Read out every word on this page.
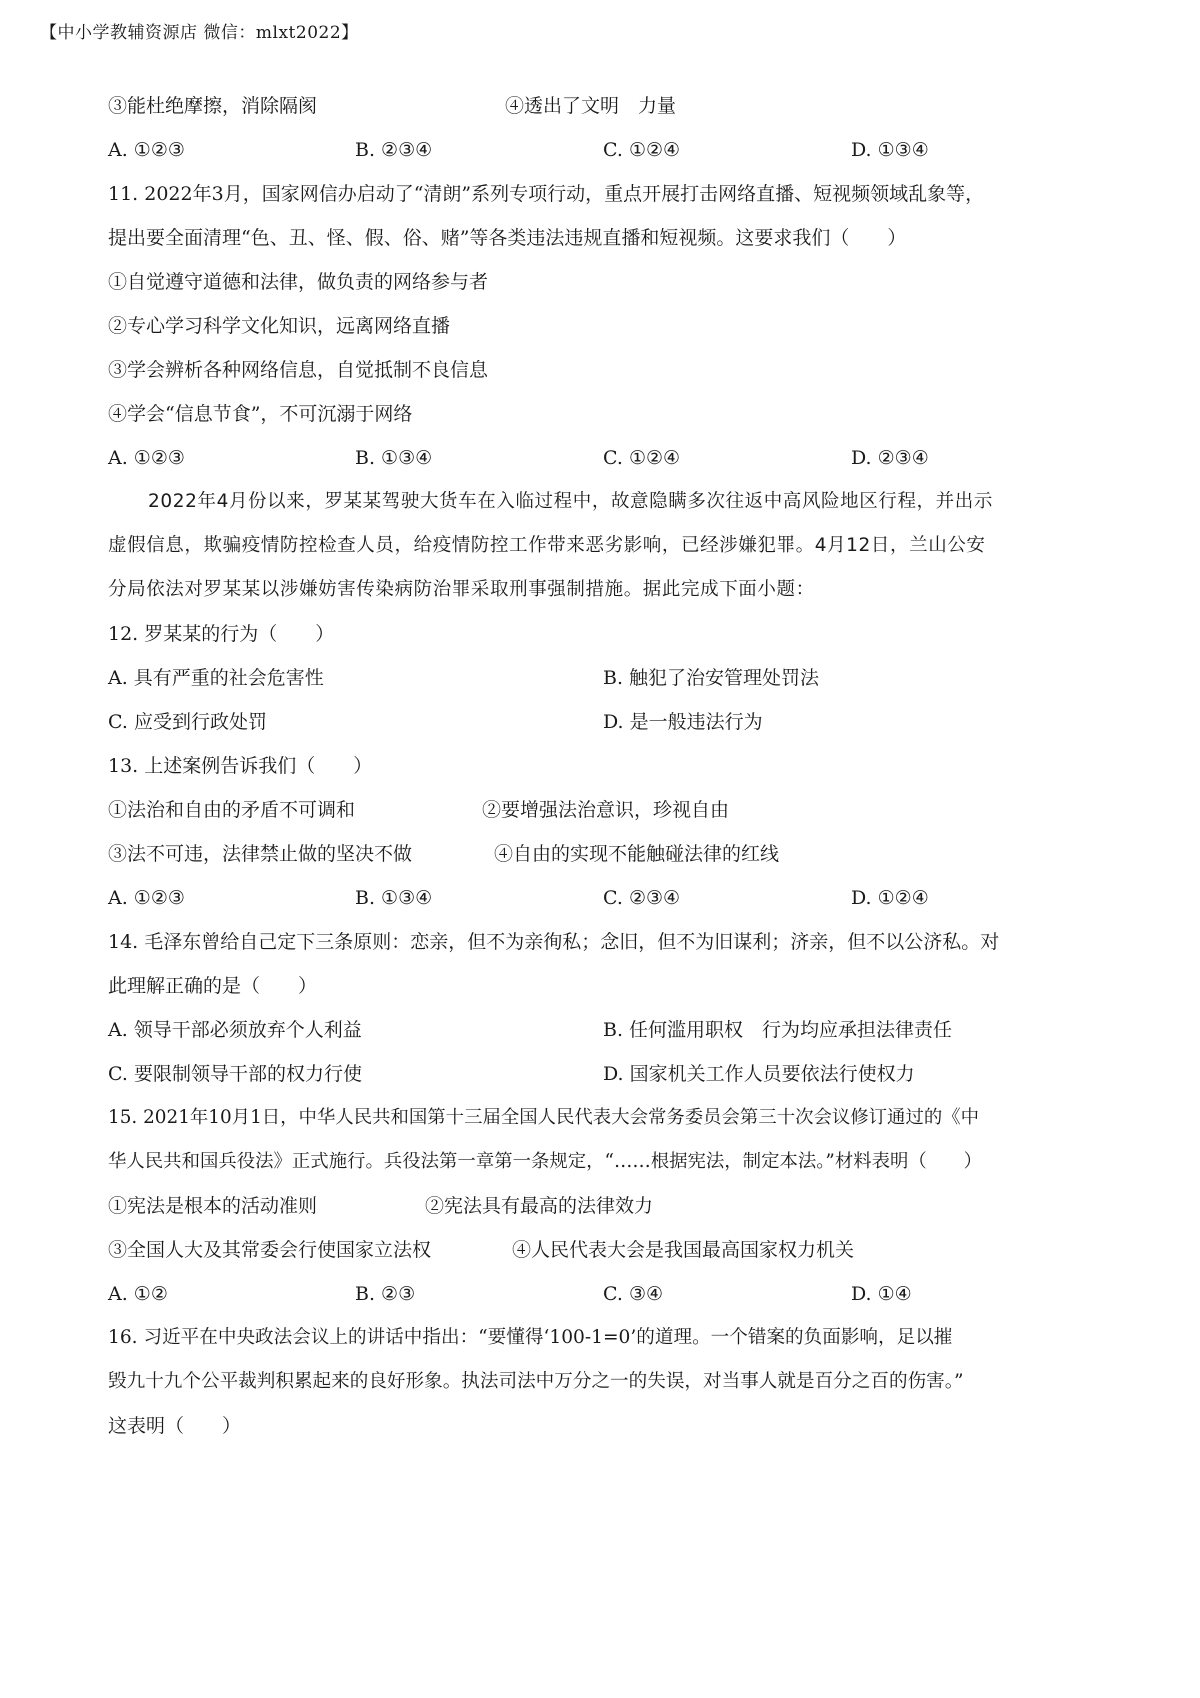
【中小学教辅资源店 微信：mlxt2022】
③能杜绝摩擦，消除隔阂	④透出了文明　力量
A. ①②③	B. ②③④	C. ①②④	D. ①③④
11. 2022年3月，国家网信办启动了“清朗”系列专项行动，重点开展打击网络直播、短视频领域乱象等，
提出要全面清理“色、丑、怪、假、俗、赌”等各类违法违规直播和短视频。这要求我们（　　）
①自觉遵守道德和法律，做负责的网络参与者
②专心学习科学文化知识，远离网络直播
③学会辨析各种网络信息，自觉抵制不良信息
④学会“信息节食”，不可沉溺于网络
A. ①②③	B. ①③④	C. ①②④	D. ②③④
2022年4月份以来，罗某某驾驶大货车在入临过程中，故意隐瞒多次往返中高风险地区行程，并出示
虚假信息，欺骗疫情防控检查人员，给疫情防控工作带来恶劣影响，已经涉嫌犯罪。4月12日，兰山公安
分局依法对罗某某以涉嫌妨害传染病防治罪采取刑事强制措施。据此完成下面小题：
12. 罗某某的行为（　　）
A. 具有严重的社会危害性	B. 触犯了治安管理处罚法
C. 应受到行政处罚	D. 是一般违法行为
13. 上述案例告诉我们（　　）
①法治和自由的矛盾不可调和	②要增强法治意识，珍视自由
③法不可违，法律禁止做的坚决不做	④自由的实现不能触碰法律的红线
A. ①②③	B. ①③④	C. ②③④	D. ①②④
14. 毛泽东曾给自己定下三条原则：恋亲，但不为亲徇私；念旧，但不为旧谋利；济亲，但不以公济私。对
此理解正确的是（　　）
A. 领导干部必须放弃个人利益	B. 任何滥用职权　行为均应承担法律责任
C. 要限制领导干部的权力行使	D. 国家机关工作人员要依法行使权力
15. 2021年10月1日，中华人民共和国第十三届全国人民代表大会常务委员会第三十次会议修订通过的《中
华人民共和国兵役法》正式施行。兵役法第一章第一条规定，“……根据宪法，制定本法。”材料表明（　　）
①宪法是根本的活动准则	②宪法具有最高的法律效力
③全国人大及其常委会行使国家立法权	④人民代表大会是我国最高国家权力机关
A. ①②	B. ②③	C. ③④	D. ①④
16. 习近平在中央政法会议上的讲话中指出：“要懂得‘100-1=0’的道理。一个错案的负面影响，足以摧
毁九十九个公平裁判积累起来的良好形象。执法司法中万分之一的失误，对当事人就是百分之百的伤害。”
这表明（　　）
